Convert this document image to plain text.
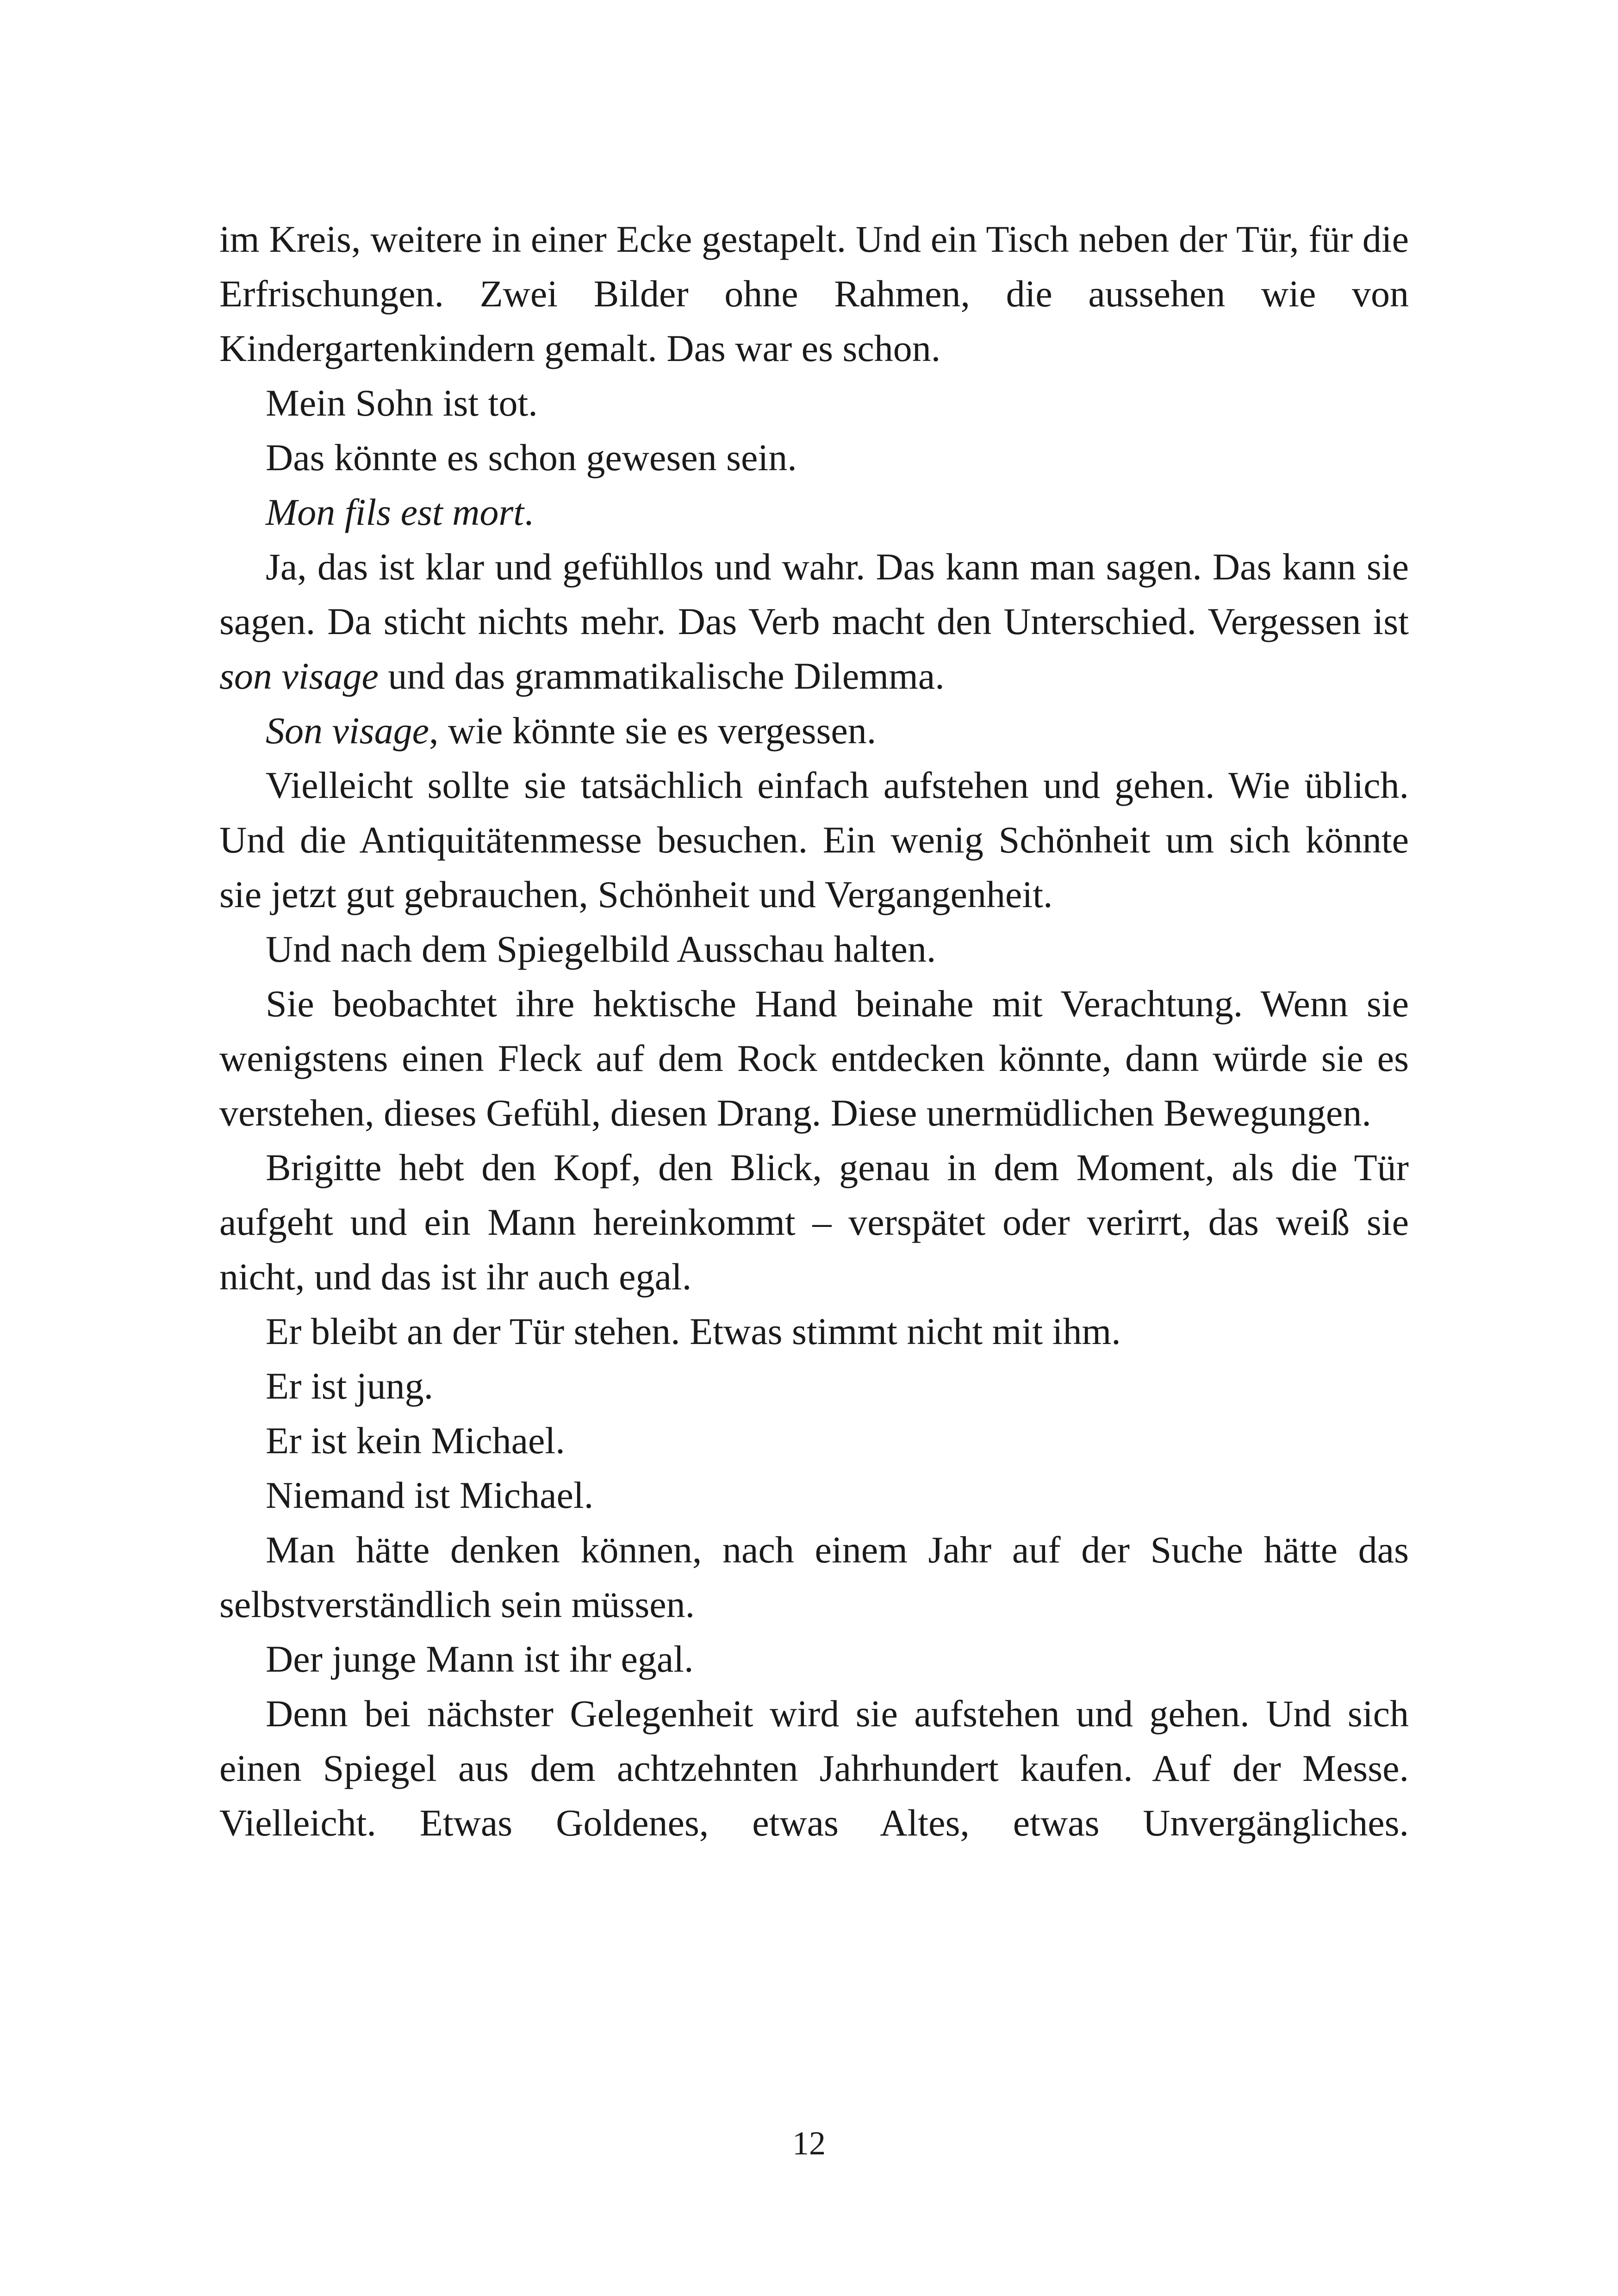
im Kreis, weitere in einer Ecke gestapelt. Und ein Tisch neben der Tür, für die Erfrischungen. Zwei Bilder ohne Rahmen, die aussehen wie von Kindergartenkindern gemalt. Das war es schon.

Mein Sohn ist tot.

Das könnte es schon gewesen sein.

Mon fils est mort.

Ja, das ist klar und gefühllos und wahr. Das kann man sagen. Das kann sie sagen. Da sticht nichts mehr. Das Verb macht den Unterschied. Vergessen ist son visage und das grammatikalische Dilemma.

Son visage, wie könnte sie es vergessen.

Vielleicht sollte sie tatsächlich einfach aufstehen und gehen. Wie üblich. Und die Antiquitätenmesse besuchen. Ein wenig Schönheit um sich könnte sie jetzt gut gebrauchen, Schönheit und Vergangenheit.

Und nach dem Spiegelbild Ausschau halten.

Sie beobachtet ihre hektische Hand beinahe mit Verachtung. Wenn sie wenigstens einen Fleck auf dem Rock entdecken könnte, dann würde sie es verstehen, dieses Gefühl, diesen Drang. Diese unermüdlichen Bewegungen.

Brigitte hebt den Kopf, den Blick, genau in dem Moment, als die Tür aufgeht und ein Mann hereinkommt – verspätet oder verirrt, das weiß sie nicht, und das ist ihr auch egal.

Er bleibt an der Tür stehen. Etwas stimmt nicht mit ihm.

Er ist jung.

Er ist kein Michael.

Niemand ist Michael.

Man hätte denken können, nach einem Jahr auf der Suche hätte das selbstverständlich sein müssen.

Der junge Mann ist ihr egal.

Denn bei nächster Gelegenheit wird sie aufstehen und gehen. Und sich einen Spiegel aus dem achtzehnten Jahrhundert kaufen. Auf der Messe. Vielleicht. Etwas Goldenes, etwas Altes, etwas Unvergängliches.

12
